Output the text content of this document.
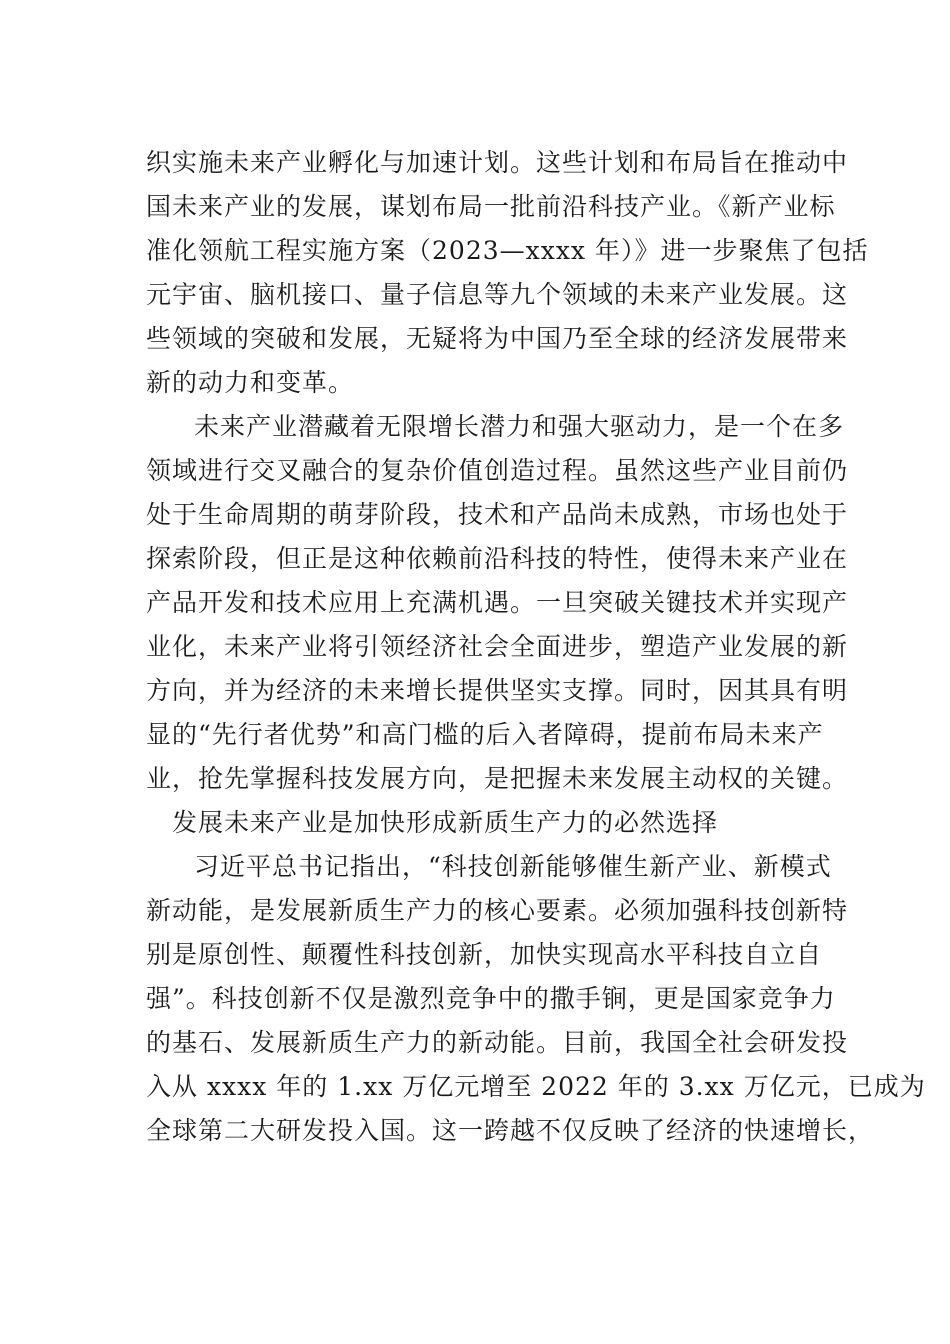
织实施未来产业孵化与加速计划。这些计划和布局旨在推动中
国未来产业的发展，谋划布局一批前沿科技产业。《新产业标
准化领航工程实施方案（2023—xxxx 年）》进一步聚焦了包括
元宇宙、脑机接口、量子信息等九个领域的未来产业发展。这
些领域的突破和发展，无疑将为中国乃至全球的经济发展带来
新的动力和变革。
未来产业潜藏着无限增长潜力和强大驱动力，是一个在多
领域进行交叉融合的复杂价值创造过程。虽然这些产业目前仍
处于生命周期的萌芽阶段，技术和产品尚未成熟，市场也处于
探索阶段，但正是这种依赖前沿科技的特性，使得未来产业在
产品开发和技术应用上充满机遇。一旦突破关键技术并实现产
业化，未来产业将引领经济社会全面进步，塑造产业发展的新
方向，并为经济的未来增长提供坚实支撑。同时，因其具有明
显的“先行者优势”和高门槛的后入者障碍，提前布局未来产
业，抢先掌握科技发展方向，是把握未来发展主动权的关键。
发展未来产业是加快形成新质生产力的必然选择
习近平总书记指出，“科技创新能够催生新产业、新模式
新动能，是发展新质生产力的核心要素。必须加强科技创新特
别是原创性、颠覆性科技创新，加快实现高水平科技自立自
强”。科技创新不仅是激烈竞争中的撒手锏，更是国家竞争力
的基石、发展新质生产力的新动能。目前，我国全社会研发投
入从 xxxx 年的 1.xx 万亿元增至 2022 年的 3.xx 万亿元，已成为
全球第二大研发投入国。这一跨越不仅反映了经济的快速增长，
